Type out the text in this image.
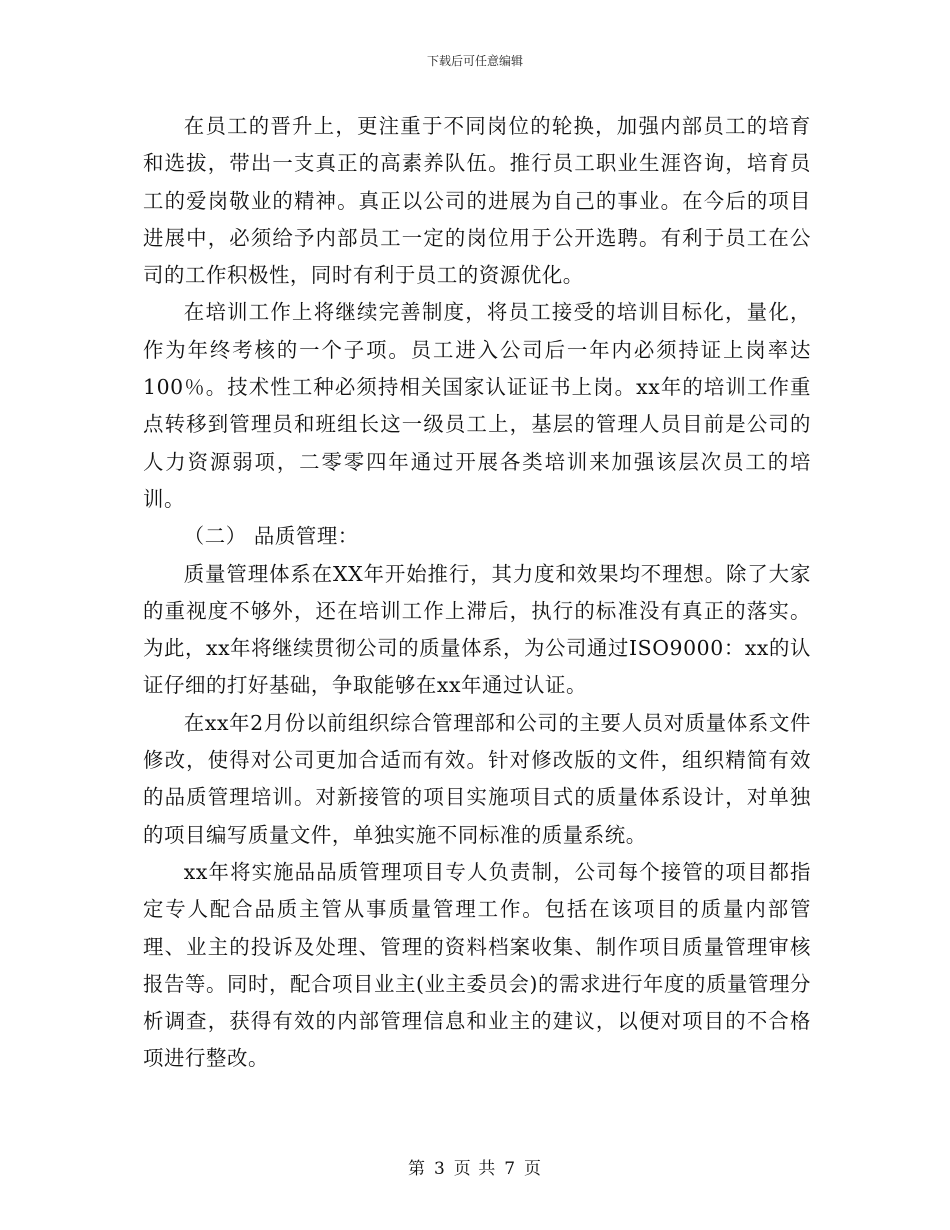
下载后可任意编辑

在员工的晋升上，更注重于不同岗位的轮换，加强内部员工的培育和选拔，带出一支真正的高素养队伍。推行员工职业生涯咨询，培育员工的爱岗敬业的精神。真正以公司的进展为自己的事业。在今后的项目进展中，必须给予内部员工一定的岗位用于公开选聘。有利于员工在公司的工作积极性，同时有利于员工的资源优化。

在培训工作上将继续完善制度，将员工接受的培训目标化，量化，作为年终考核的一个子项。员工进入公司后一年内必须持证上岗率达100％。技术性工种必须持相关国家认证证书上岗。xx年的培训工作重点转移到管理员和班组长这一级员工上，基层的管理人员目前是公司的人力资源弱项，二零零四年通过开展各类培训来加强该层次员工的培训。

（二） 品质管理：

质量管理体系在XX年开始推行，其力度和效果均不理想。除了大家的重视度不够外，还在培训工作上滞后，执行的标准没有真正的落实。为此，xx年将继续贯彻公司的质量体系，为公司通过ISO9000：xx的认证仔细的打好基础，争取能够在xx年通过认证。

在xx年2月份以前组织综合管理部和公司的主要人员对质量体系文件修改，使得对公司更加合适而有效。针对修改版的文件，组织精简有效的品质管理培训。对新接管的项目实施项目式的质量体系设计，对单独的项目编写质量文件，单独实施不同标准的质量系统。

xx年将实施品品质管理项目专人负责制，公司每个接管的项目都指定专人配合品质主管从事质量管理工作。包括在该项目的质量内部管理、业主的投诉及处理、管理的资料档案收集、制作项目质量管理审核报告等。同时，配合项目业主(业主委员会)的需求进行年度的质量管理分析调查，获得有效的内部管理信息和业主的建议，以便对项目的不合格项进行整改。

第 3 页 共 7 页
